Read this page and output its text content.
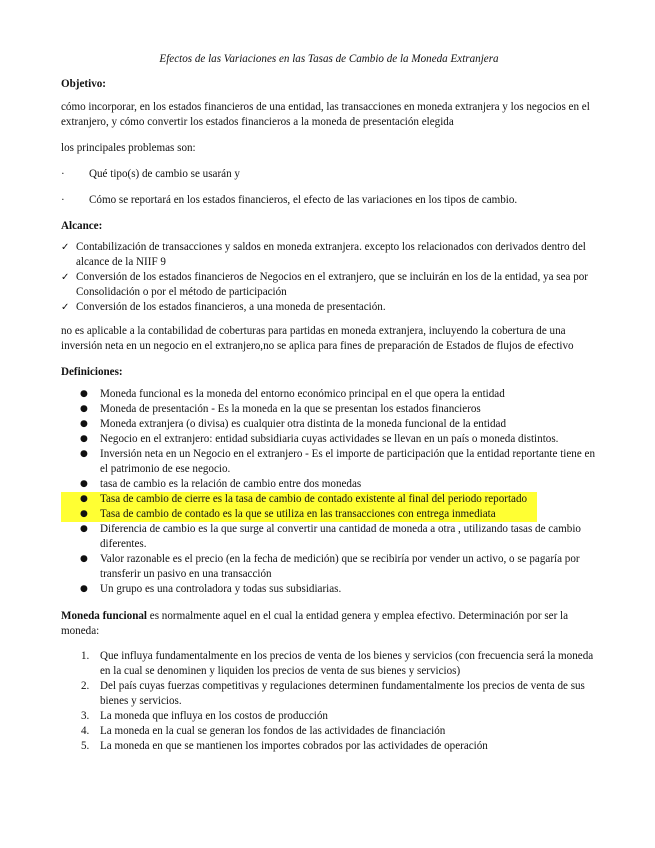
Efectos de las Variaciones en las Tasas de Cambio de la Moneda Extranjera
Objetivo:
cómo incorporar, en los estados financieros de una entidad, las transacciones en moneda extranjera y los negocios en el extranjero, y cómo convertir los estados financieros a la moneda de presentación elegida
los principales problemas son:
· Qué tipo(s) de cambio se usarán y
· Cómo se reportará en los estados financieros, el efecto de las variaciones en los tipos de cambio.
Alcance:
✓ Contabilización de transacciones y saldos en moneda extranjera. excepto los relacionados con derivados dentro del alcance de la NIIF 9
✓ Conversión de los estados financieros de Negocios en el extranjero, que se incluirán en los de la entidad, ya sea por Consolidación o por el método de participación
✓ Conversión de los estados financieros, a una moneda de presentación.
no es aplicable a la contabilidad de coberturas para partidas en moneda extranjera, incluyendo la cobertura de una inversión neta en un negocio en el extranjero,no se aplica para fines de preparación de Estados de flujos de efectivo
Definiciones:
● Moneda funcional es la moneda del entorno económico principal en el que opera la entidad
● Moneda de presentación - Es la moneda en la que se presentan los estados financieros
● Moneda extranjera (o divisa) es cualquier otra distinta de la moneda funcional de la entidad
● Negocio en el extranjero: entidad subsidiaria cuyas actividades se llevan en un país o moneda distintos.
● Inversión neta en un Negocio en el extranjero - Es el importe de participación que la entidad reportante tiene en el patrimonio de ese negocio.
● tasa de cambio es la relación de cambio entre dos monedas
● Tasa de cambio de cierre es la tasa de cambio de contado existente al final del periodo reportado
● Tasa de cambio de contado es la que se utiliza en las transacciones con entrega inmediata
● Diferencia de cambio es la que surge al convertir una cantidad de moneda a otra , utilizando tasas de cambio diferentes.
● Valor razonable es el precio (en la fecha de medición) que se recibiría por vender un activo, o se pagaría por transferir un pasivo en una transacción
● Un grupo es una controladora y todas sus subsidiarias.
Moneda funcional es normalmente aquel en el cual la entidad genera y emplea efectivo. Determinación por ser la moneda:
1. Que influya fundamentalmente en los precios de venta de los bienes y servicios (con frecuencia será la moneda en la cual se denominen y liquiden los precios de venta de sus bienes y servicios)
2. Del país cuyas fuerzas competitivas y regulaciones determinen fundamentalmente los precios de venta de sus bienes y servicios.
3. La moneda que influya en los costos de producción
4. La moneda en la cual se generan los fondos de las actividades de financiación
5. La moneda en que se mantienen los importes cobrados por las actividades de operación
